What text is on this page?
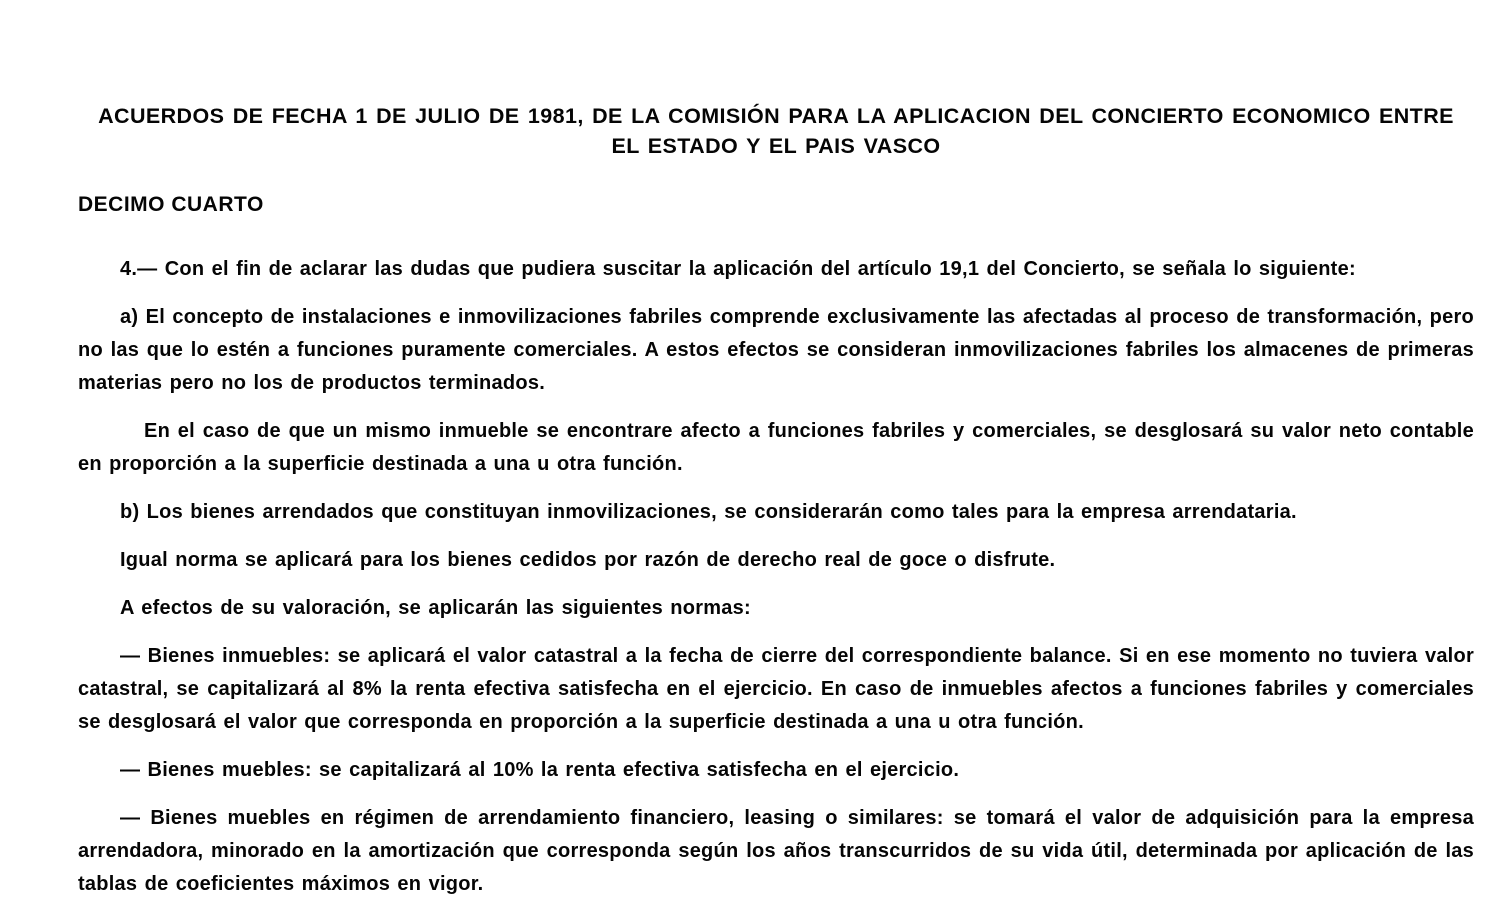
ACUERDOS DE FECHA 1 DE JULIO DE 1981, DE LA COMISIÓN PARA LA APLICACION DEL CONCIERTO ECONOMICO ENTRE
EL ESTADO Y EL PAIS VASCO
DECIMO CUARTO

4.— Con el fin de aclarar las dudas que pudiera suscitar la aplicación del artículo 19,1 del Concierto, se señala lo siguiente:

a) El concepto de instalaciones e inmovilizaciones fabriles comprende exclusivamente las afectadas al proceso de transformación, pero no las que lo estén a funciones puramente comerciales. A estos efectos se consideran inmovilizaciones fabriles los almacenes de primeras materias pero no los de productos terminados.

En el caso de que un mismo inmueble se encontrare afecto a funciones fabriles y comerciales, se desglosará su valor neto contable en proporción a la superficie destinada a una u otra función.

b) Los bienes arrendados que constituyan inmovilizaciones, se considerarán como tales para la empresa arrendataria.

Igual norma se aplicará para los bienes cedidos por razón de derecho real de goce o disfrute.

A efectos de su valoración, se aplicarán las siguientes normas:

— Bienes inmuebles: se aplicará el valor catastral a la fecha de cierre del correspondiente balance. Si en ese momento no tuviera valor catastral, se capitalizará al 8% la renta efectiva satisfecha en el ejercicio. En caso de inmuebles afectos a funciones fabriles y comerciales se desglosará el valor que corresponda en proporción a la superficie destinada a una u otra función.

— Bienes muebles: se capitalizará al 10% la renta efectiva satisfecha en el ejercicio.

— Bienes muebles en régimen de arrendamiento financiero, leasing o similares: se tomará el valor de adquisición para la empresa arrendadora, minorado en la amortización que corresponda según los años transcurridos de su vida útil, determinada por aplicación de las tablas de coeficientes máximos en vigor.
